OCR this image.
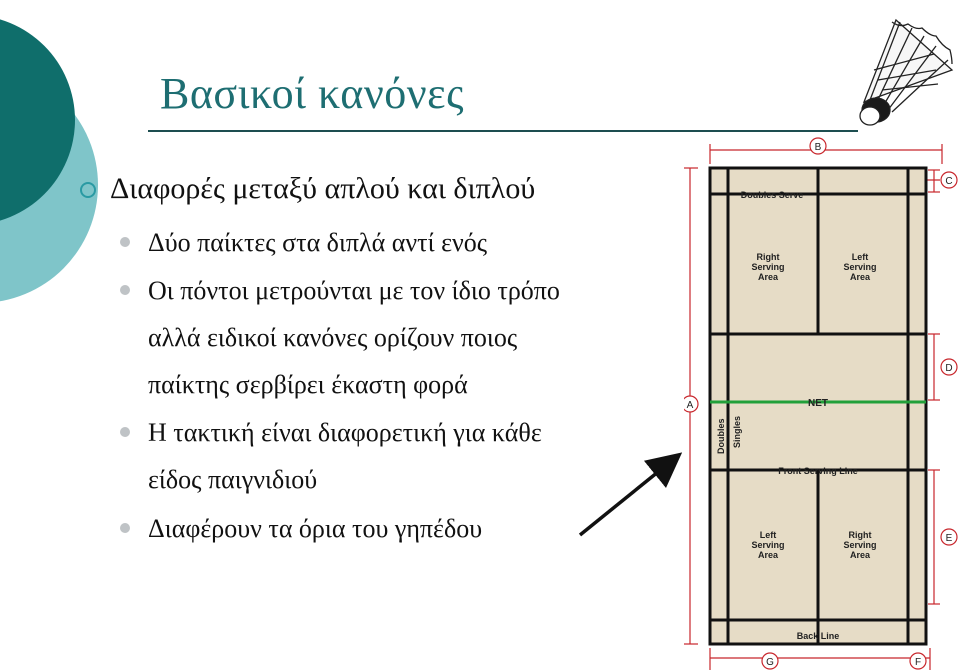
Βασικοί κανόνες
Διαφορές μεταξύ απλού και διπλού
Δύο παίκτες στα διπλά αντί ενός
Οι πόντοι μετρούνται με τον ίδιο τρόπο
αλλά ειδικοί κανόνες ορίζουν ποιος
παίκτης σερβίρει έκαστη φορά
Η τακτική είναι διαφορετική για κάθε
είδος παιγνιδιού
Διαφέρουν τα όρια του γηπέδου
Doubles Serve
Right
Serving
Area
Left
Serving
Area
NET
Front Serving Line
Left
Serving
Area
Right
Serving
Area
Back Line
Doubles Singles
B
C
A
D
E
G	F
